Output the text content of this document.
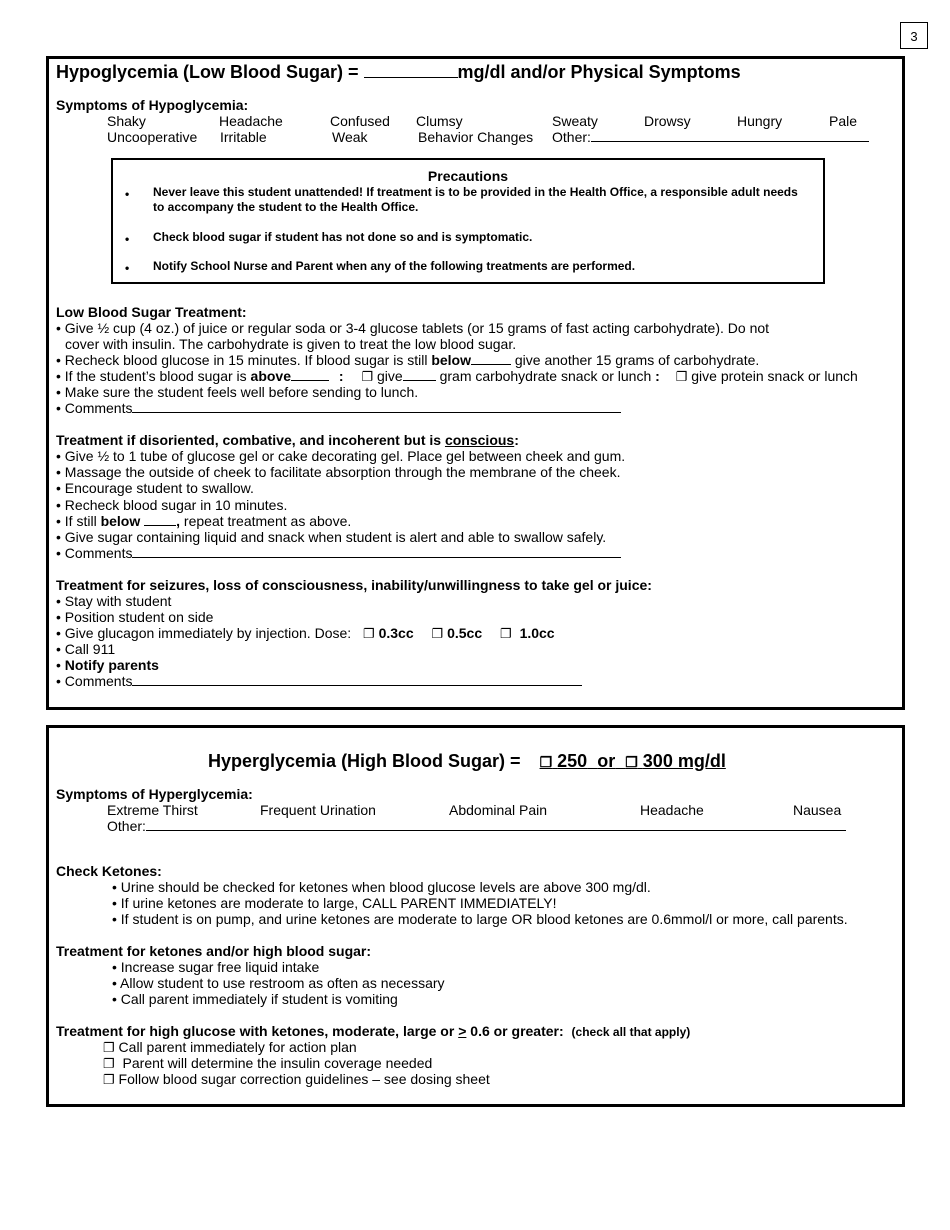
3
Hypoglycemia (Low Blood Sugar) =	mg/dl and/or Physical Symptoms
Symptoms of Hypoglycemia:
Shaky	Headache	Confused Clumsy	Sweaty	Drowsy	Hungry	Pale
Uncooperative Irritable	Weak	Behavior Changes Other:
Precautions
• Never leave this student unattended! If treatment is to be provided in the Health Office, a responsible adult needs to accompany the student to the Health Office.
• Check blood sugar if student has not done so and is symptomatic.
• Notify School Nurse and Parent when any of the following treatments are performed.
Low Blood Sugar Treatment:
• Give ½ cup (4 oz.) of juice or regular soda or 3-4 glucose tablets (or 15 grams of fast acting carbohydrate). Do not
cover with insulin. The carbohydrate is given to treat the low blood sugar.
• Recheck blood glucose in 15 minutes. If blood sugar is still below	give another 15 grams of carbohydrate.
• If the student’s blood sugar is above	: ❐ give gram carbohydrate snack or lunch : ❐ give protein snack or lunch
• Make sure the student feels well before sending to lunch.
• Comments
Treatment if disoriented, combative, and incoherent but is conscious:
• Give ½ to 1 tube of glucose gel or cake decorating gel. Place gel between cheek and gum.
• Massage the outside of cheek to facilitate absorption through the membrane of the cheek.
• Encourage student to swallow.
• Recheck blood sugar in 10 minutes.
• If still below	, repeat treatment as above.
• Give sugar containing liquid and snack when student is alert and able to swallow safely.
• Comments
Treatment for seizures, loss of consciousness, inability/unwillingness to take gel or juice:
• Stay with student
• Position student on side
• Give glucagon immediately by injection. Dose: ❐ 0.3cc ❐ 0.5cc ❐ 1.0cc
• Call 911
• Notify parents
• Comments
Hyperglycemia (High Blood Sugar) = ❐ 250 or ❐ 300 mg/dl
Symptoms of Hyperglycemia:
Extreme Thirst	Frequent Urination	Abdominal Pain	Headache	Nausea
Other:
Check Ketones:
• Urine should be checked for ketones when blood glucose levels are above 300 mg/dl.
• If urine ketones are moderate to large, CALL PARENT IMMEDIATELY!
• If student is on pump, and urine ketones are moderate to large OR blood ketones are 0.6mmol/l or more, call parents.
Treatment for ketones and/or high blood sugar:
• Increase sugar free liquid intake
• Allow student to use restroom as often as necessary
• Call parent immediately if student is vomiting
Treatment for high glucose with ketones, moderate, large or > 0.6 or greater: (check all that apply)
❐ Call parent immediately for action plan
❐ Parent will determine the insulin coverage needed
❐ Follow blood sugar correction guidelines – see dosing sheet
